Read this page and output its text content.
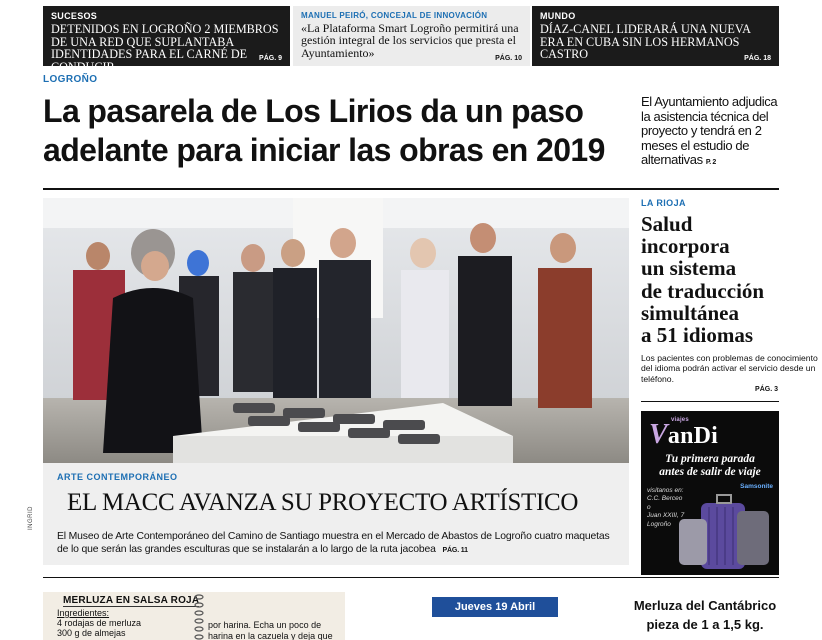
SUCESOS
DETENIDOS EN LOGROÑO 2 MIEMBROS DE UNA RED QUE SUPLANTABA IDENTIDADES PARA EL CARNÉ DE CONDUCIR
PÁG. 9
MANUEL PEIRÓ, CONCEJAL DE INNOVACIÓN
«La Plataforma Smart Logroño permitirá una gestión integral de los servicios que presta el Ayuntamiento»	PÁG. 10
MUNDO
DÍAZ-CANEL LIDERARÁ UNA NUEVA ERA EN CUBA SIN LOS HERMANOS CASTRO	PÁG. 18
LOGROÑO
La pasarela de Los Lirios da un paso
adelante para iniciar las obras en 2019
El Ayuntamiento adjudica la asistencia técnica del proyecto y tendrá en 2 meses el estudio de alternativas P. 2
ARTE CONTEMPORÁNEO
EL MACC AVANZA SU PROYECTO ARTÍSTICO
El Museo de Arte Contemporáneo del Camino de Santiago muestra en el Mercado de Abastos de Logroño cuatro maquetas de lo que serán las grandes esculturas que se instalarán a lo largo de la ruta jacobea PÁG. 11
INGRID
LA RIOJA
Salud
incorpora
un sistema
de traducción
simultánea
a 51 idiomas
Los pacientes con problemas de conocimiento del idioma podrán activar el servicio desde un teléfono.
PÁG. 3
VanDi
viajes
Tu primera parada
antes de salir de viaje
visítanos en:
C.C. Berceo
o
Juan XXIII, 7
Logroño
Samsonite
MERLUZA EN SALSA ROJA
Ingredientes:
4 rodajas de merluza
300 g de almejas
por harina. Echa un poco de
harina en la cazuela y deja que
Jueves 19 Abril	Merluza del Cantábrico
pieza de 1 a 1,5 kg.
